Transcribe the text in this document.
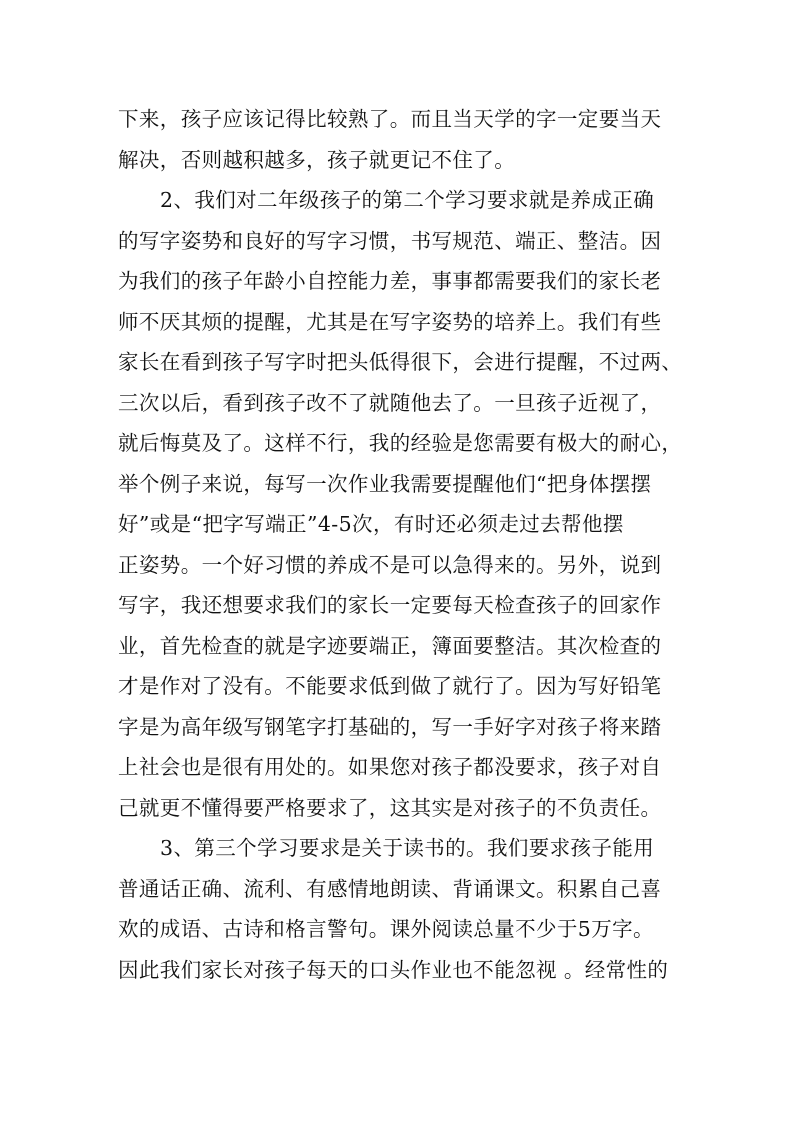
下来，孩子应该记得比较熟了。而且当天学的字一定要当天
解决，否则越积越多，孩子就更记不住了。
2、我们对二年级孩子的第二个学习要求就是养成正确
的写字姿势和良好的写字习惯，书写规范、端正、整洁。因
为我们的孩子年龄小自控能力差，事事都需要我们的家长老
师不厌其烦的提醒，尤其是在写字姿势的培养上。我们有些
家长在看到孩子写字时把头低得很下，会进行提醒，不过两、
三次以后，看到孩子改不了就随他去了。一旦孩子近视了，
就后悔莫及了。这样不行，我的经验是您需要有极大的耐心，
举个例子来说，每写一次作业我需要提醒他们“把身体摆摆
好”或是“把字写端正”4-5次，有时还必须走过去帮他摆
正姿势。一个好习惯的养成不是可以急得来的。另外，说到
写字，我还想要求我们的家长一定要每天检查孩子的回家作
业，首先检查的就是字迹要端正，簿面要整洁。其次检查的
才是作对了没有。不能要求低到做了就行了。因为写好铅笔
字是为高年级写钢笔字打基础的，写一手好字对孩子将来踏
上社会也是很有用处的。如果您对孩子都没要求，孩子对自
己就更不懂得要严格要求了，这其实是对孩子的不负责任。
3、第三个学习要求是关于读书的。我们要求孩子能用
普通话正确、流利、有感情地朗读、背诵课文。积累自己喜
欢的成语、古诗和格言警句。课外阅读总量不少于5万字。
因此我们家长对孩子每天的口头作业也不能忽视 。经常性的
